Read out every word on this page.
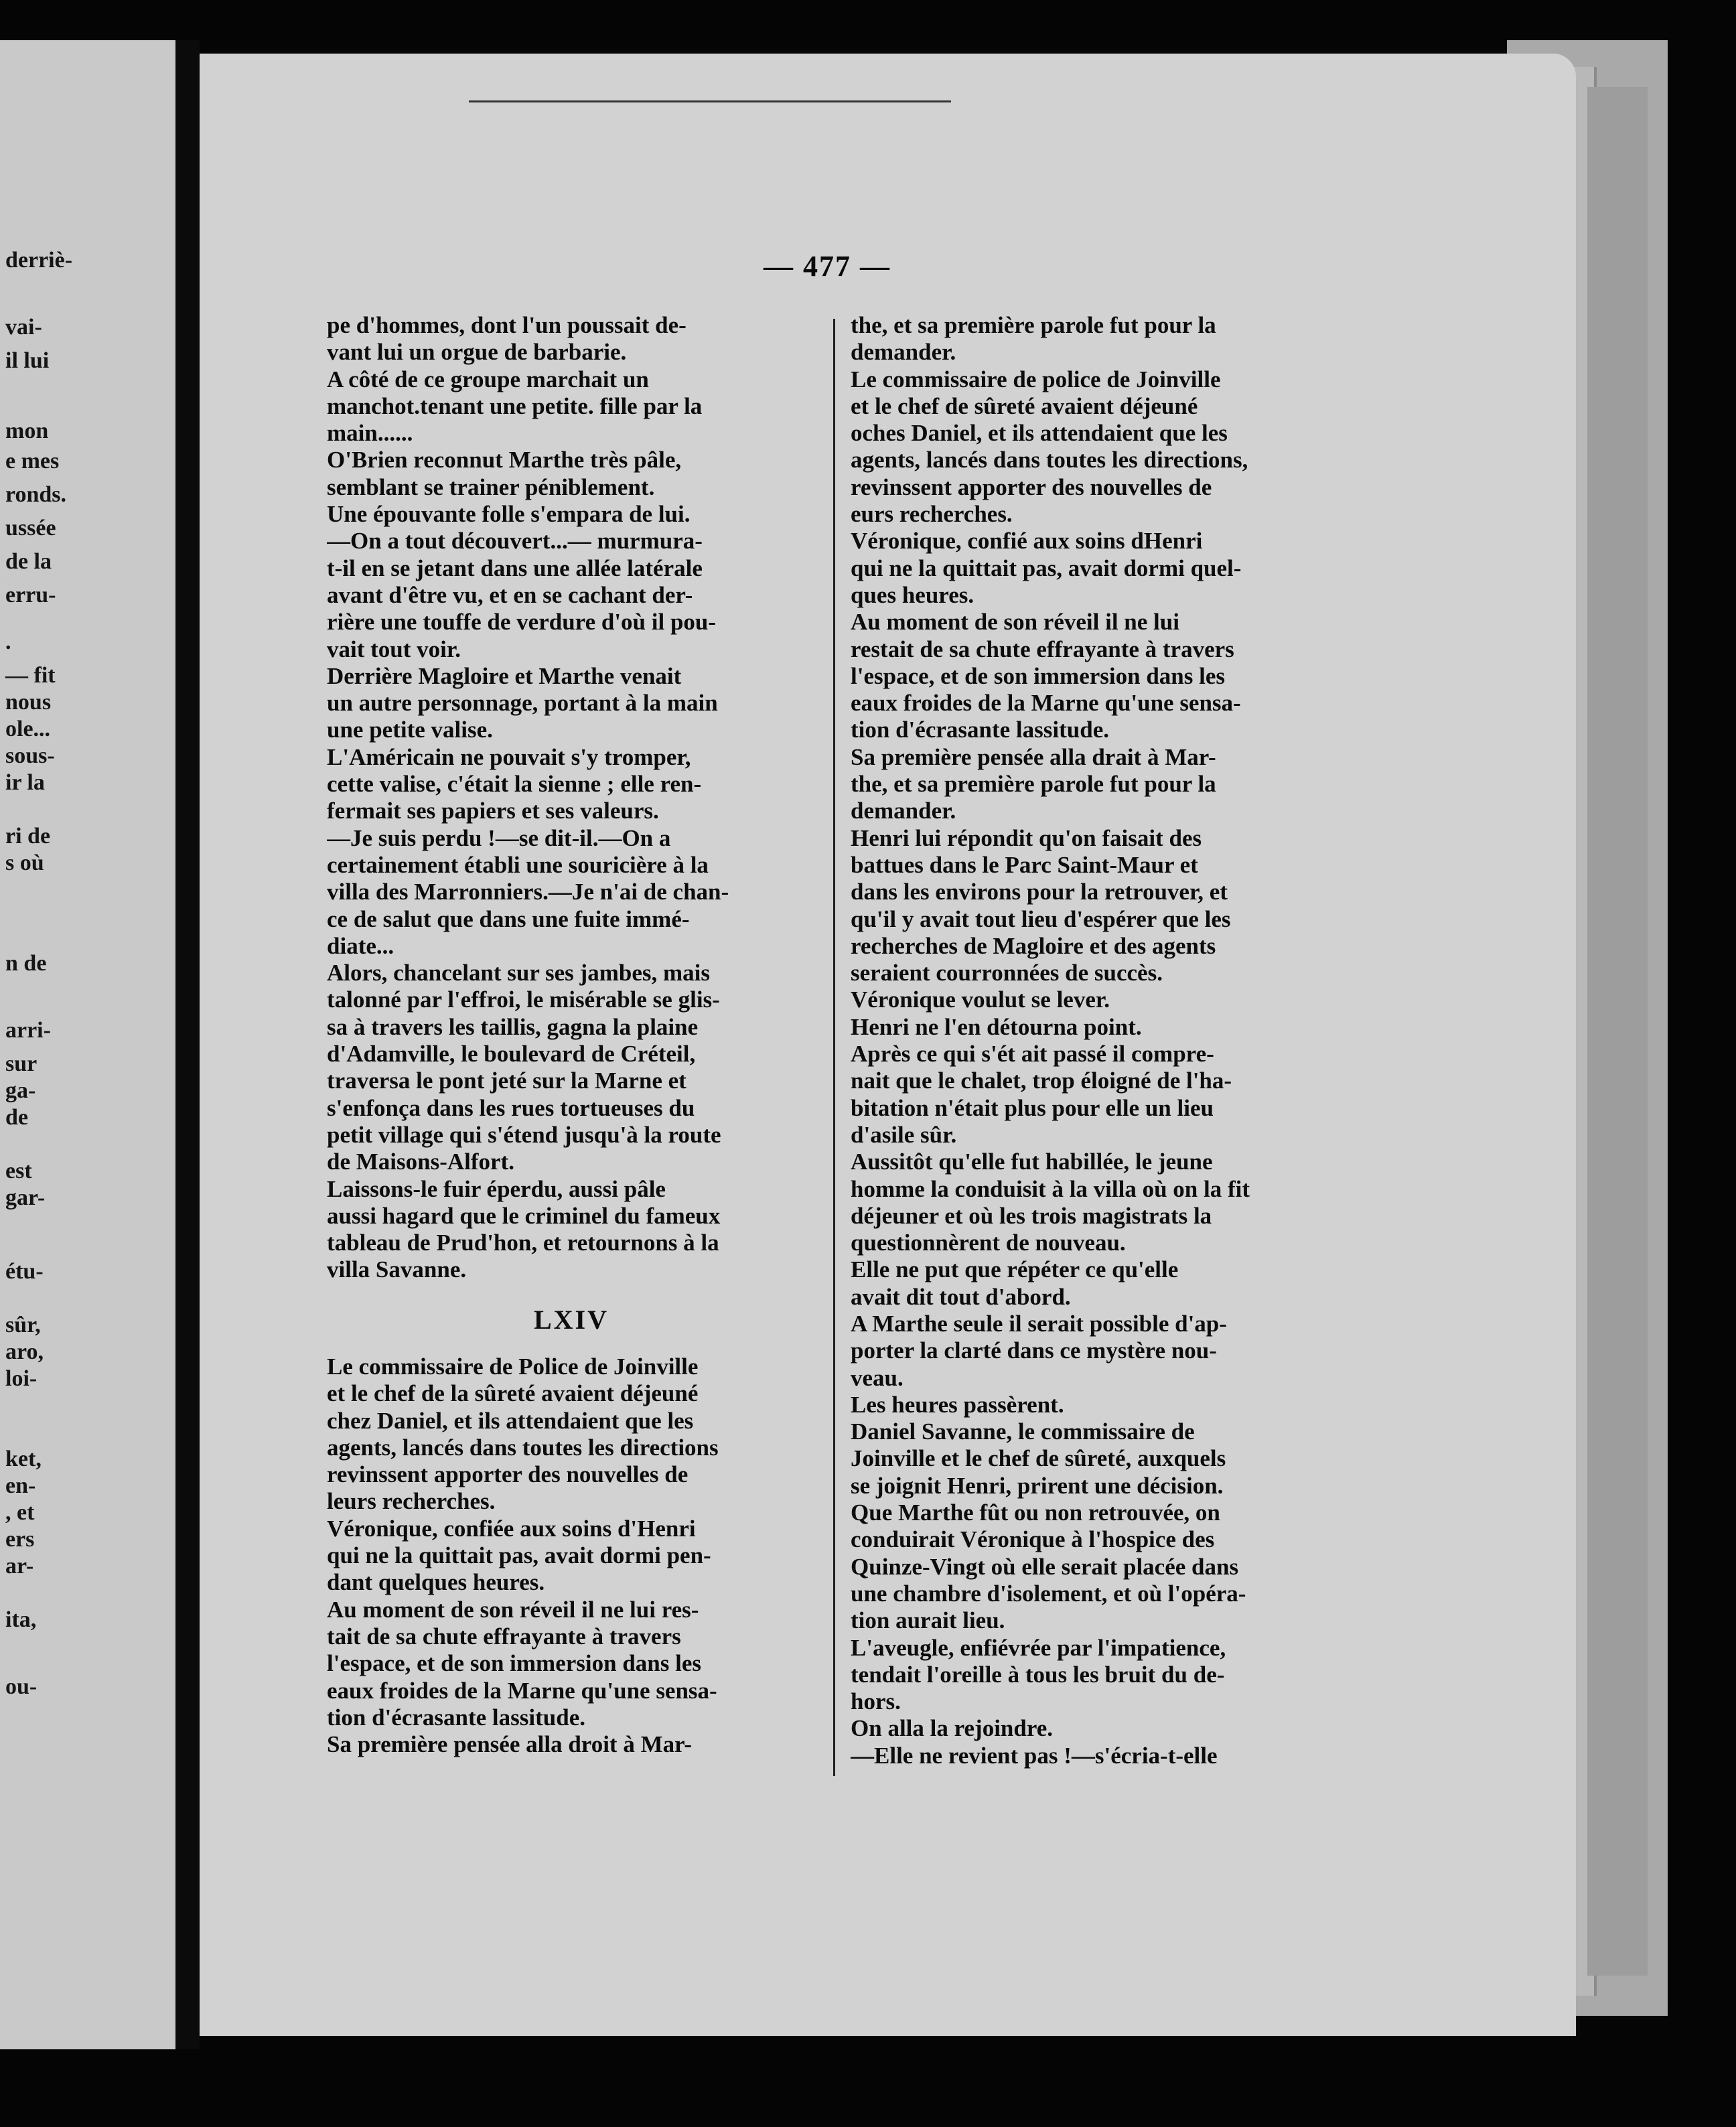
derriè-
vai-
il lui
mon
e mes
ronds.
ussée
de la
erru-
.
— fit
nous
ole...
sous-
ir la
ri de
s où
n de
arri-
sur
ga-
de
est
gar-
étu-
sûr,
aro,
loi-
ket,
en-
, et
ers
ar-
ita,
ou-
— 477 —

pe d'hommes, dont l'un poussait de-

vant lui un orgue de barbarie.

A côté de ce groupe marchait un

manchot.tenant une petite. fille par la

main......

O'Brien reconnut Marthe très pâle,

semblant se trainer péniblement.

Une épouvante folle s'empara de lui.

—On a tout découvert...— murmura-

t-il en se jetant dans une allée latérale

avant d'être vu, et en se cachant der-

rière une touffe de verdure d'où il pou-

vait tout voir.

Derrière Magloire et Marthe venait

un autre personnage, portant à la main

une petite valise.

L'Américain ne pouvait s'y tromper,

cette valise, c'était la sienne ; elle ren-

fermait ses papiers et ses valeurs.

—Je suis perdu !—se dit-il.—On a

certainement établi une souricière à la

villa des Marronniers.—Je n'ai de chan-

ce de salut que dans une fuite immé-

diate...

Alors, chancelant sur ses jambes, mais

talonné par l'effroi, le misérable se glis-

sa à travers les taillis, gagna la plaine

d'Adamville, le boulevard de Créteil,

traversa le pont jeté sur la Marne et

s'enfonça dans les rues tortueuses du

petit village qui s'étend jusqu'à la route

de Maisons-Alfort.

Laissons-le fuir éperdu, aussi pâle

aussi hagard que le criminel du fameux

tableau de Prud'hon, et retournons à la

villa Savanne.

LXIV

Le commissaire de Police de Joinville

et le chef de la sûreté avaient déjeuné

chez Daniel, et ils attendaient que les

agents, lancés dans toutes les directions

revinssent apporter des nouvelles de

leurs recherches.

Véronique, confiée aux soins d'Henri

qui ne la quittait pas, avait dormi pen-

dant quelques heures.

Au moment de son réveil il ne lui res-

tait de sa chute effrayante à travers

l'espace, et de son immersion dans les

eaux froides de la Marne qu'une sensa-

tion d'écrasante lassitude.

Sa première pensée alla droit à Mar-

the, et sa première parole fut pour la

demander.

Le commissaire de police de Joinville

et le chef de sûreté avaient déjeuné

oches Daniel, et ils attendaient que les

agents, lancés dans toutes les directions,

revinssent apporter des nouvelles de

eurs recherches.

Véronique, confié aux soins dHenri

qui ne la quittait pas, avait dormi quel-

ques heures.

Au moment de son réveil il ne lui

restait de sa chute effrayante à travers

l'espace, et de son immersion dans les

eaux froides de la Marne qu'une sensa-

tion d'écrasante lassitude.

Sa première pensée alla drait à Mar-

the, et sa première parole fut pour la

demander.

Henri lui répondit qu'on faisait des

battues dans le Parc Saint-Maur et

dans les environs pour la retrouver, et

qu'il y avait tout lieu d'espérer que les

recherches de Magloire et des agents

seraient courronnées de succès.

Véronique voulut se lever.

Henri ne l'en détourna point.

Après ce qui s'ét ait passé il compre-

nait que le chalet, trop éloigné de l'ha-

bitation n'était plus pour elle un lieu

d'asile sûr.

Aussitôt qu'elle fut habillée, le jeune

homme la conduisit à la villa où on la fit

déjeuner et où les trois magistrats la

questionnèrent de nouveau.

Elle ne put que répéter ce qu'elle

avait dit tout d'abord.

A Marthe seule il serait possible d'ap-

porter la clarté dans ce mystère nou-

veau.

Les heures passèrent.

Daniel Savanne, le commissaire de

Joinville et le chef de sûreté, auxquels

se joignit Henri, prirent une décision.

Que Marthe fût ou non retrouvée, on

conduirait Véronique à l'hospice des

Quinze-Vingt où elle serait placée dans

une chambre d'isolement, et où l'opéra-

tion aurait lieu.

L'aveugle, enfiévrée par l'impatience,

tendait l'oreille à tous les bruit du de-

hors.

On alla la rejoindre.

—Elle ne revient pas !—s'écria-t-elle
